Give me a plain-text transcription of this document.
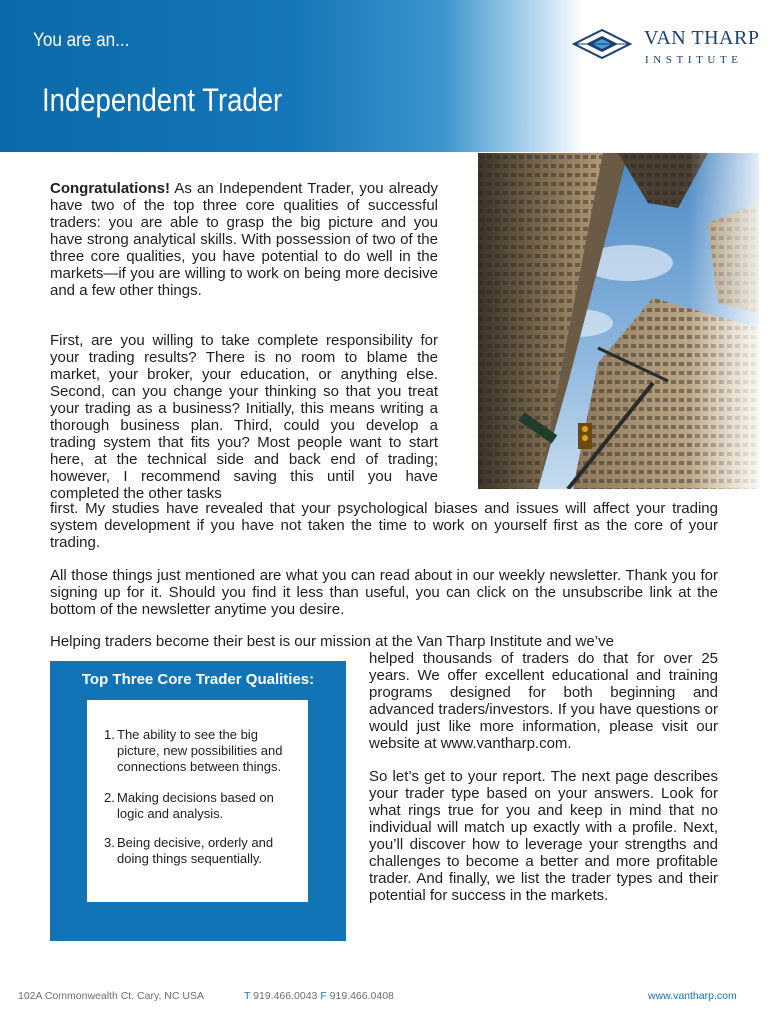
You are an...
Independent Trader
VAN THARP
INSTITUTE
Congratulations! As an Independent Trader, you already have two of the top three core qualities of successful traders: you are able to grasp the big picture and you have strong analytical skills. With possession of two of the three core qualities, you have potential to do well in the markets—if you are willing to work on being more decisive and a few other things.
First, are you willing to take complete responsibility for your trading results? There is no room to blame the market, your broker, your education, or anything else. Second, can you change your thinking so that you treat your trading as a business? Initially, this means writing a thorough business plan. Third, could you develop a trading system that fits you? Most people want to start here, at the technical side and back end of trading; however, I recommend saving this until you have completed the other tasks
first. My studies have revealed that your psychological biases and issues will affect your trading system development if you have not taken the time to work on yourself first as the core of your trading.
All those things just mentioned are what you can read about in our weekly newsletter. Thank you for signing up for it. Should you find it less than useful, you can click on the unsubscribe link at the bottom of the newsletter anytime you desire.
Helping traders become their best is our mission at the Van Tharp Institute and we’ve
helped thousands of traders do that for over 25 years. We offer excellent educational and training programs designed for both beginning and advanced traders/investors. If you have questions or would just like more information, please visit our website at www.vantharp.com.
So let’s get to your report. The next page describes your trader type based on your answers. Look for what rings true for you and keep in mind that no individual will match up exactly with a profile. Next, you’ll discover how to leverage your strengths and challenges to become a better and more profitable trader. And finally, we list the trader types and their potential for success in the markets.
Top Three Core Trader Qualities:
1. The ability to see the big picture, new possibilities and connections between things.
2. Making decisions based on logic and analysis.
3. Being decisive, orderly and doing things sequentially.
102A Commonwealth Ct. Cary, NC USA	T 919.466.0043 F 919.466.0408	www.vantharp.com
